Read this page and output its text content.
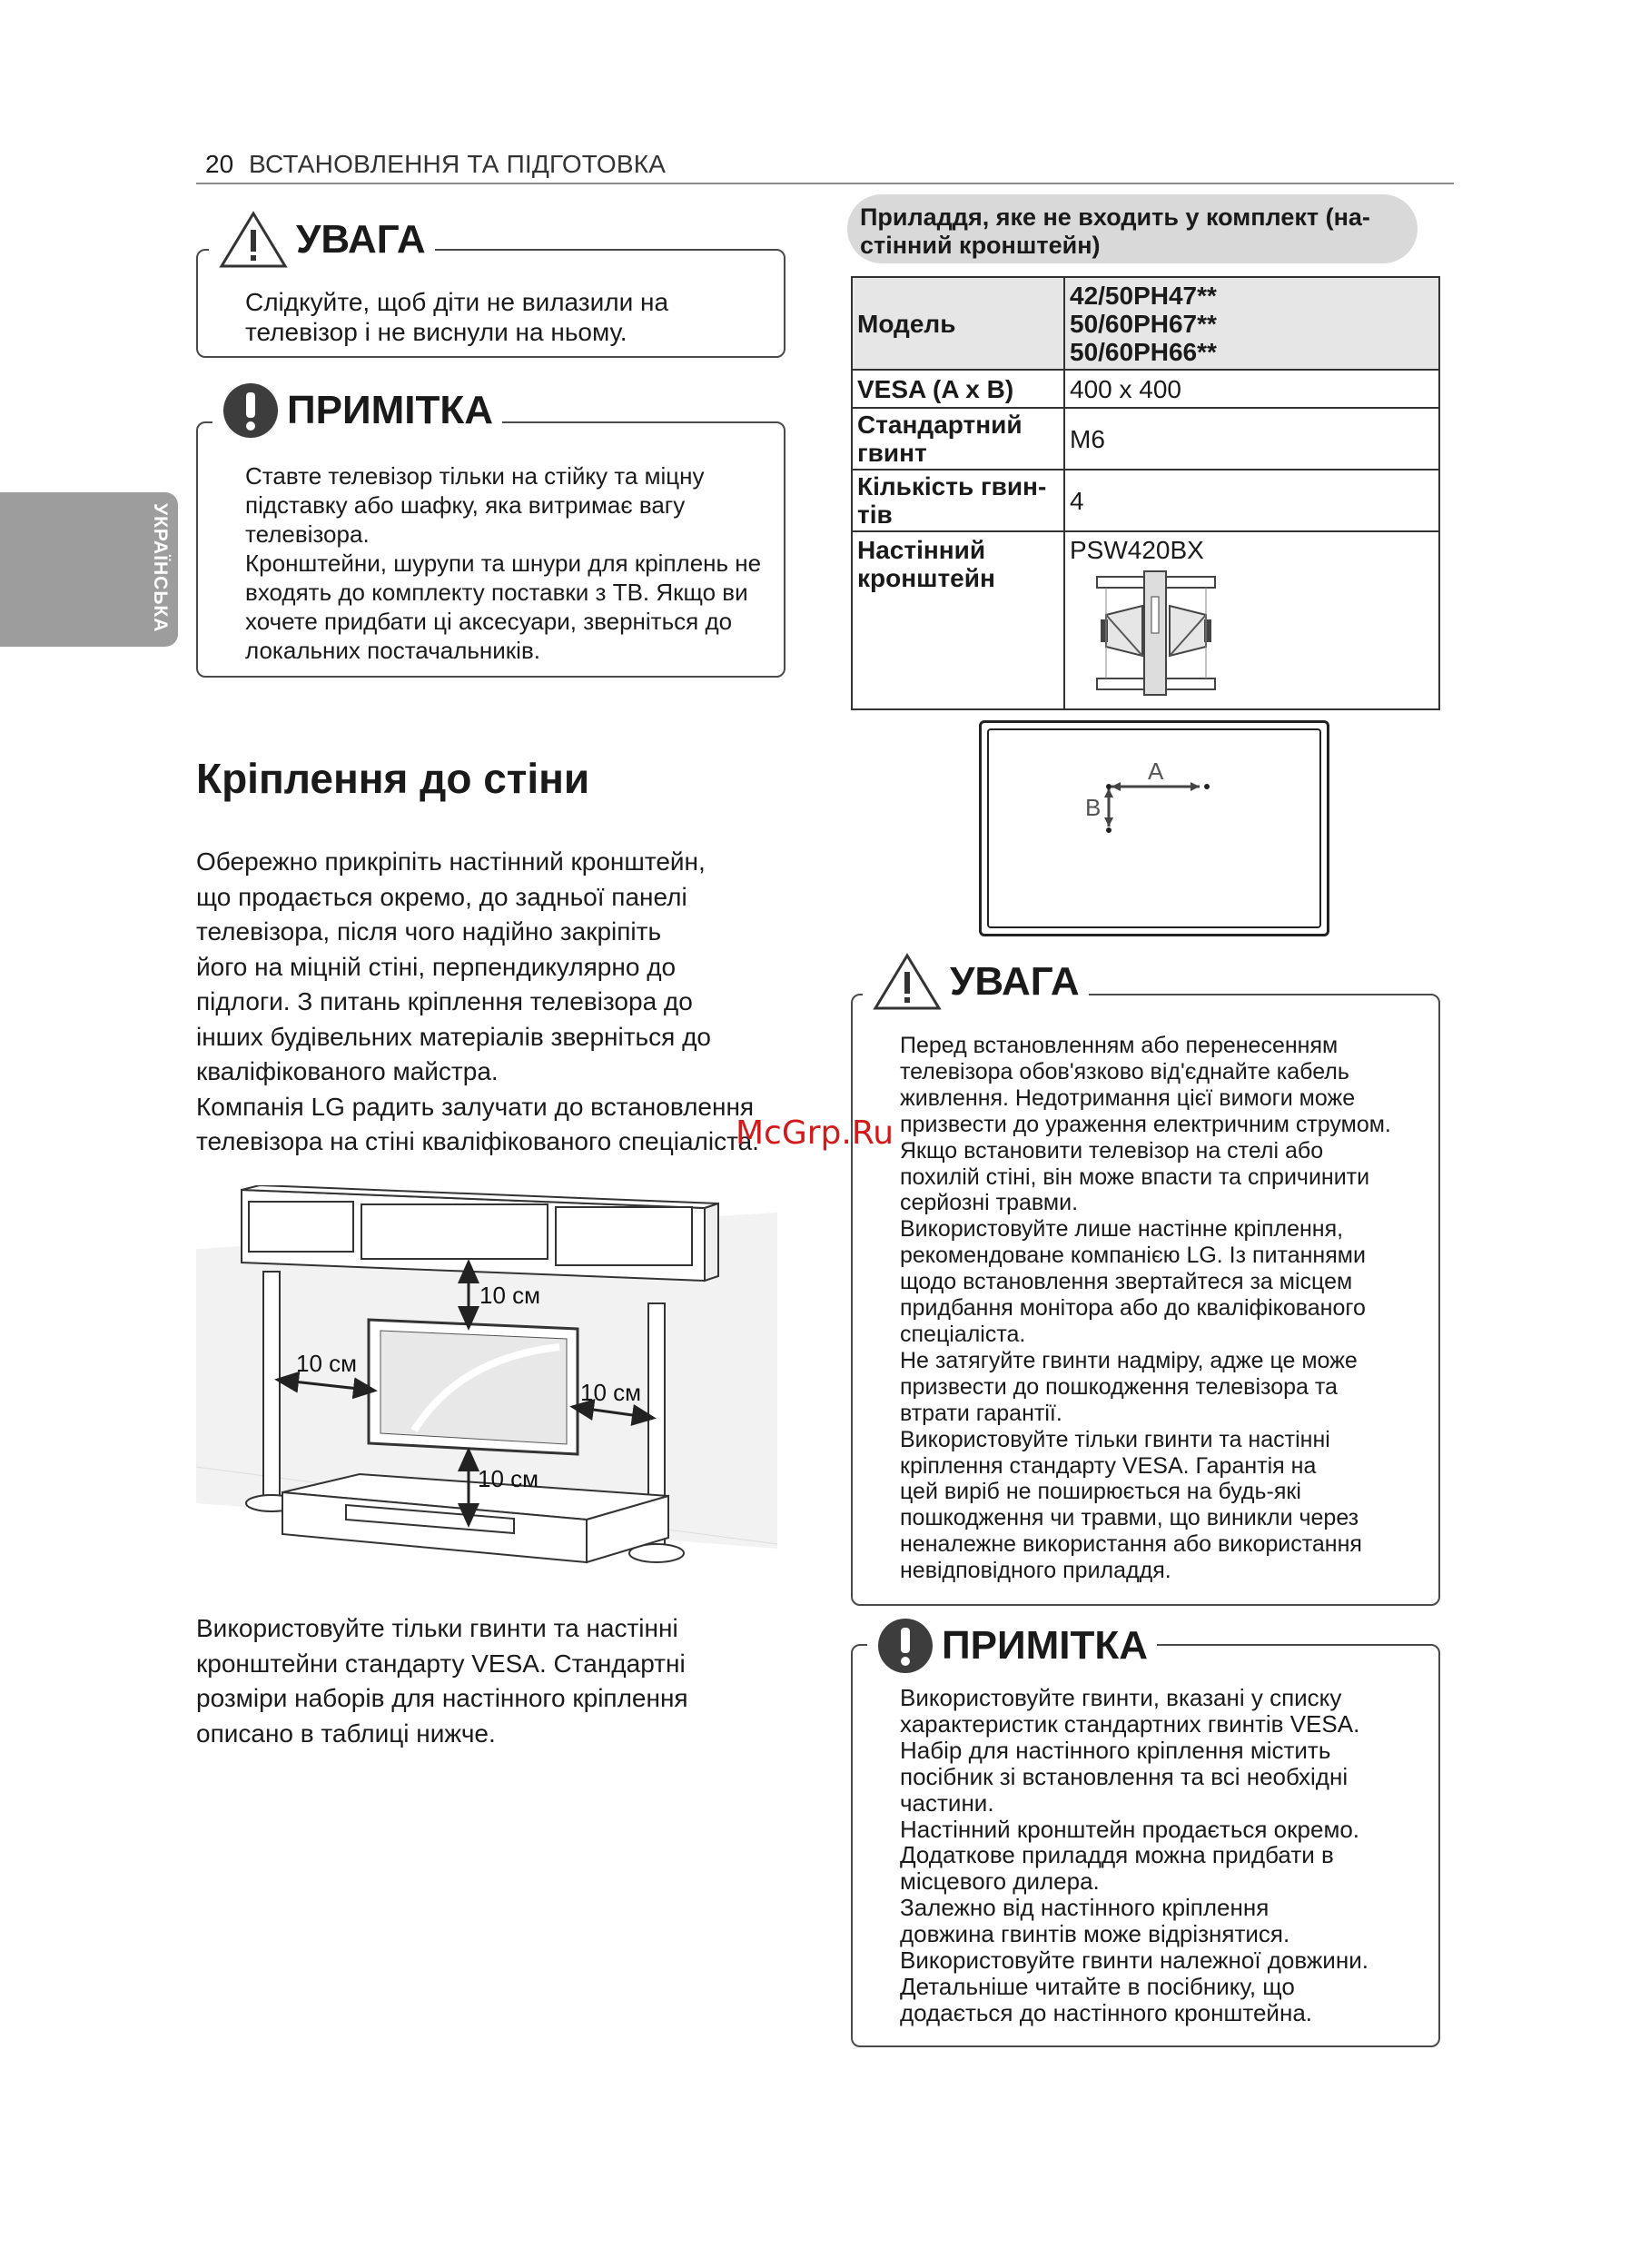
20 ВСТАНОВЛЕННЯ ТА ПІДГОТОВКА
УКРАЇНСЬКА
УВАГА

Слідкуйте, щоб діти не вилазили на

телевізор і не виснули на ньому.

ПРИМІТКА

Ставте телевізор тільки на стійку та міцну

підставку або шафку, яка витримає вагу

телевізора.

Кронштейни, шурупи та шнури для кріплень не

входять до комплекту поставки з ТВ. Якщо ви

хочете придбати ці аксесуари, зверніться до

локальних постачальників.

Кріплення до стіни

Обережно прикріпіть настінний кронштейн,

що продається окремо, до задньої панелі

телевізора, після чого надійно закріпіть

його на міцній стіні, перпендикулярно до

підлоги. З питань кріплення телевізора до

інших будівельних матеріалів зверніться до

кваліфікованого майстра.

Компанія LG радить залучати до встановлення

телевізора на стіні кваліфікованого спеціаліста.

10 см
10 см
10 см
10 см

Використовуйте тільки гвинти та настінні

кронштейни стандарту VESA. Стандартні

розміри наборів для настінного кріплення

описано в таблиці нижче.

Приладдя, яке не входить у комплект (на-
стінний кронштейн)
Модель	42/50PH47**
50/60PH67**
50/60PH66**

VESA (A x B)	400 x 400

Стандартний
гвинт	M6

Кількість гвин-
тів	4

Настінний
кронштейн	PSW420BX
A
B
УВАГА

Перед встановленням або перенесенням

телевізора обов'язково від'єднайте кабель

живлення. Недотримання цієї вимоги може

призвести до ураження електричним струмом.

Якщо встановити телевізор на стелі або

похилій стіні, він може впасти та спричинити

серйозні травми.

Використовуйте лише настінне кріплення,

рекомендоване компанією LG. Із питаннями

щодо встановлення звертайтеся за місцем

придбання монітора або до кваліфікованого

спеціаліста.

Не затягуйте гвинти надміру, адже це може

призвести до пошкодження телевізора та

втрати гарантії.

Використовуйте тільки гвинти та настінні

кріплення стандарту VESA. Гарантія на

цей виріб не поширюється на будь-які

пошкодження чи травми, що виникли через

неналежне використання або використання

невідповідного приладдя.

ПРИМІТКА

Використовуйте гвинти, вказані у списку

характеристик стандартних гвинтів VESA.

Набір для настінного кріплення містить

посібник зі встановлення та всі необхідні

частини.

Настінний кронштейн продається окремо.

Додаткове приладдя можна придбати в

місцевого дилера.

Залежно від настінного кріплення

довжина гвинтів може відрізнятися.

Використовуйте гвинти належної довжини.

Детальніше читайте в посібнику, що

додається до настінного кронштейна.

McGrp.Ru
